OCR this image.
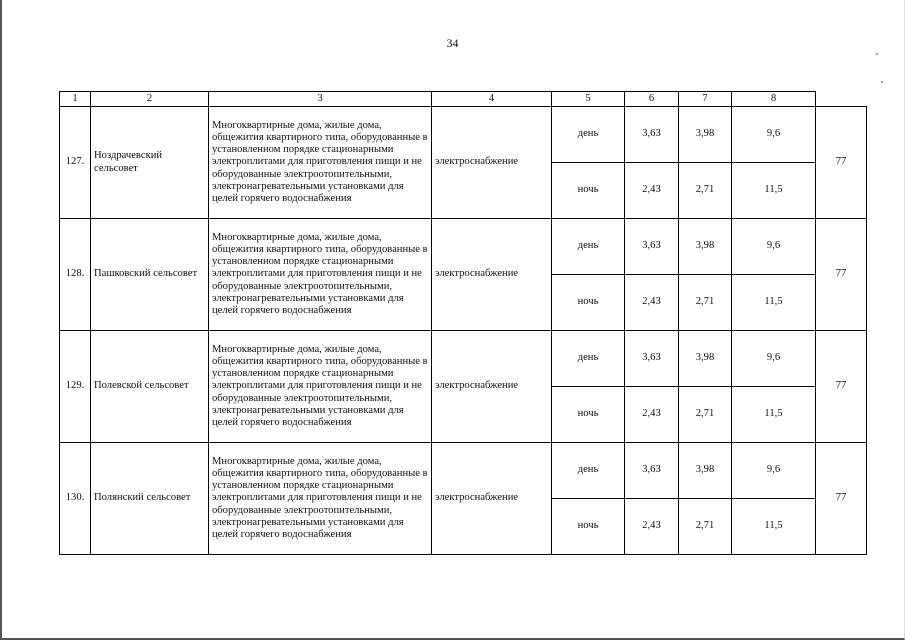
34
1	2	3	4	5	6	7	8	
127.	Ноздрачевский сельсовет	Многоквартирные дома, жилые дома, общежития квартирного типа, оборудованные в установленном порядке стационарными электроплитами для приготовления пищи и не оборудованные электроотопительными, электронагревательными установками для целей горячего водоснабжения	электроснабжение	день	3,63	3,98	9,6	77
				ночь	2,43	2,71	11,5	
128.	Пашковский сельсовет	Многоквартирные дома, жилые дома, общежития квартирного типа, оборудованные в установленном порядке стационарными электроплитами для приготовления пищи и не оборудованные электроотопительными, электронагревательными установками для целей горячего водоснабжения	электроснабжение	день	3,63	3,98	9,6	77
				ночь	2,43	2,71	11,5	
129.	Полевской сельсовет	Многоквартирные дома, жилые дома, общежития квартирного типа, оборудованные в установленном порядке стационарными электроплитами для приготовления пищи и не оборудованные электроотопительными, электронагревательными установками для целей горячего водоснабжения	электроснабжение	день	3,63	3,98	9,6	77
				ночь	2,43	2,71	11,5	
130.	Полянский сельсовет	Многоквартирные дома, жилые дома, общежития квартирного типа, оборудованные в установленном порядке стационарными электроплитами для приготовления пищи и не оборудованные электроотопительными, электронагревательными установками для целей горячего водоснабжения	электроснабжение	день	3,63	3,98	9,6	77
				ночь	2,43	2,71	11,5	
